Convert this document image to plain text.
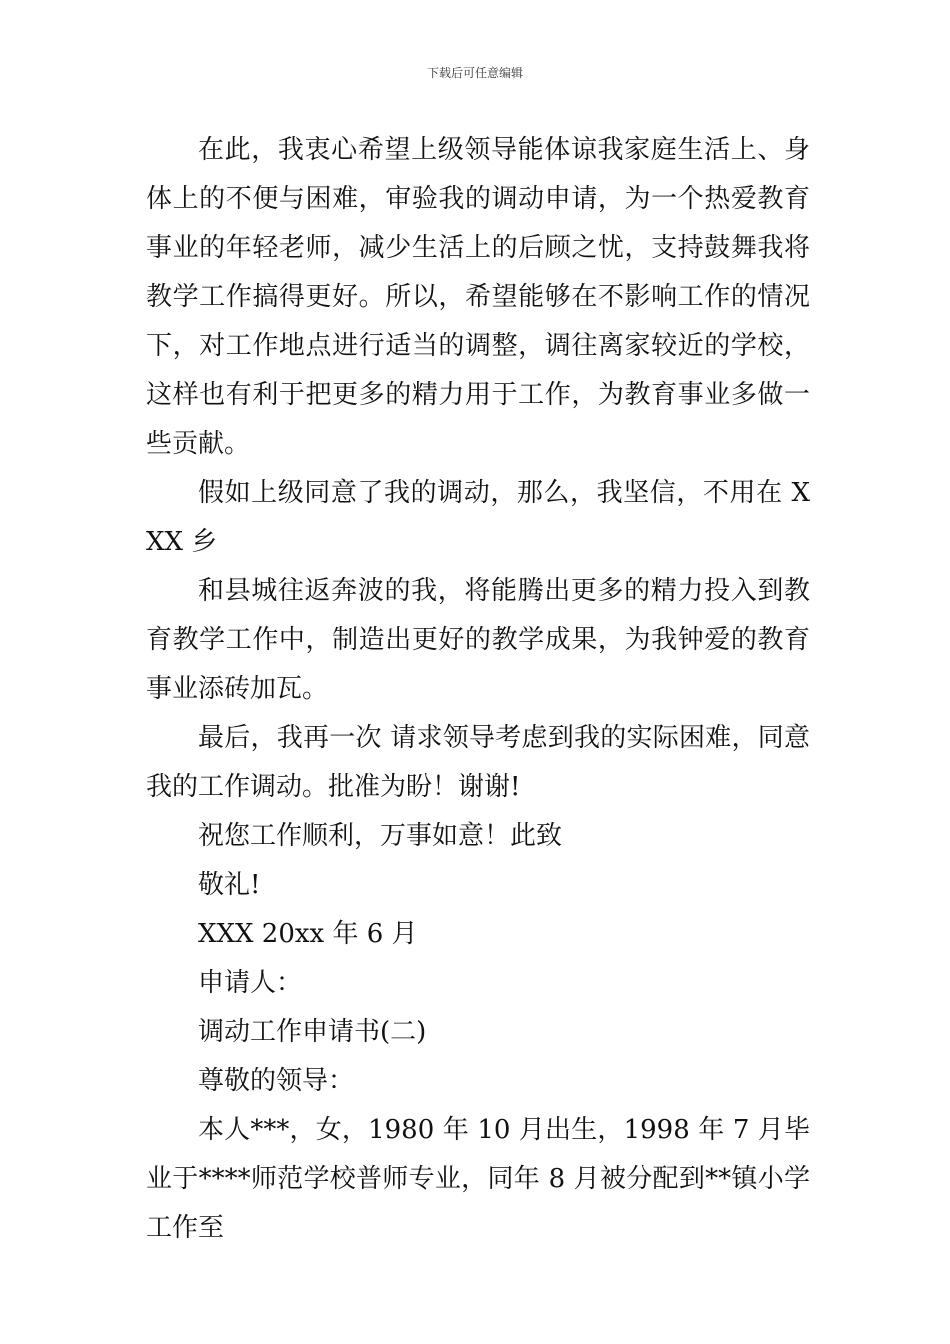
下载后可任意编辑

在此，我衷心希望上级领导能体谅我家庭生活上、身体上的不便与困难，审验我的调动申请，为一个热爱教育事业的年轻老师，减少生活上的后顾之忧，支持鼓舞我将教学工作搞得更好。所以，希望能够在不影响工作的情况下，对工作地点进行适当的调整，调往离家较近的学校，这样也有利于把更多的精力用于工作，为教育事业多做一些贡献。

假如上级同意了我的调动，那么，我坚信，不用在 XXX 乡

和县城往返奔波的我，将能腾出更多的精力投入到教育教学工作中，制造出更好的教学成果，为我钟爱的教育事业添砖加瓦。

最后，我再一次 请求领导考虑到我的实际困难，同意我的工作调动。批准为盼！谢谢!

祝您工作顺利，万事如意！此致

敬礼!

XXX 20xx 年 6 月

申请人：

调动工作申请书(二)

尊敬的领导：

本人***，女，1980 年 10 月出生，1998 年 7 月毕业于****师范学校普师专业，同年 8 月被分配到**镇小学工作至
